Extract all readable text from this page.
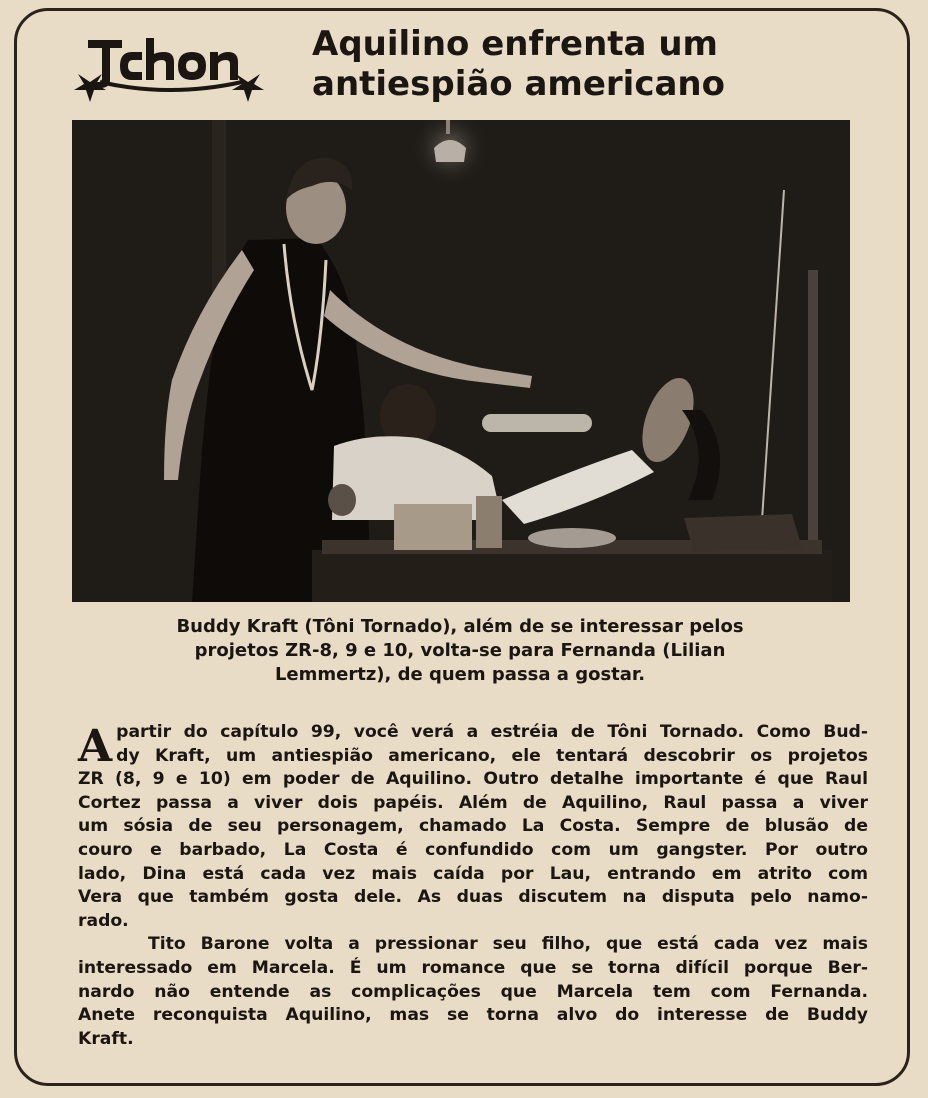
Aquilino enfrenta um
antiespião americano
Buddy Kraft (Tôni Tornado), além de se interessar pelos
projetos ZR-8, 9 e 10, volta-se para Fernanda (Lilian
Lemmertz), de quem passa a gostar.
A partir do capítulo 99, você verá a estréia de Tôni Tornado. Como Bud-
dy Kraft, um antiespião americano, ele tentará descobrir os projetos
ZR (8, 9 e 10) em poder de Aquilino. Outro detalhe importante é que Raul
Cortez passa a viver dois papéis. Além de Aquilino, Raul passa a viver
um sósia de seu personagem, chamado La Costa. Sempre de blusão de
couro e barbado, La Costa é confundido com um gangster. Por outro
lado, Dina está cada vez mais caída por Lau, entrando em atrito com
Vera que também gosta dele. As duas discutem na disputa pelo namo-
rado.
Tito Barone volta a pressionar seu filho, que está cada vez mais
interessado em Marcela. É um romance que se torna difícil porque Ber-
nardo não entende as complicações que Marcela tem com Fernanda.
Anete reconquista Aquilino, mas se torna alvo do interesse de Buddy
Kraft.
